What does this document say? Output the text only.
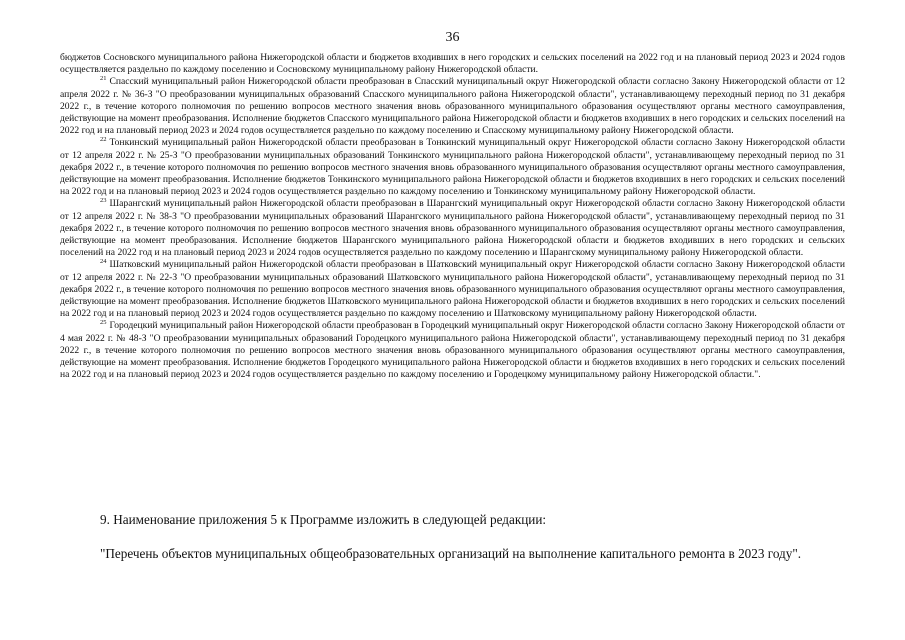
36

бюджетов Сосновского муниципального района Нижегородской области и бюджетов входивших в него городских и сельских поселений на 2022 год и на плановый период 2023 и 2024 годов осуществляется раздельно по каждому поселению и Сосновскому муниципальному району Нижегородской области.

$^{21}$ Спасский муниципальный район Нижегородской области преобразован в Спасский муниципальный округ Нижегородской области согласно Закону Нижегородской области от 12 апреля 2022 г. № 36-З "О преобразовании муниципальных образований Спасского муниципального района Нижегородской области", устанавливающему переходный период по 31 декабря 2022 г., в течение которого полномочия по решению вопросов местного значения вновь образованного муниципального образования осуществляют органы местного самоуправления, действующие на момент преобразования. Исполнение бюджетов Спасского муниципального района Нижегородской области и бюджетов входивших в него городских и сельских поселений на 2022 год и на плановый период 2023 и 2024 годов осуществляется раздельно по каждому поселению и Спасскому муниципальному району Нижегородской области.

$^{22}$ Тонкинский муниципальный район Нижегородской области преобразован в Тонкинский муниципальный округ Нижегородской области согласно Закону Нижегородской области от 12 апреля 2022 г. № 25-З "О преобразовании муниципальных образований Тонкинского муниципального района Нижегородской области", устанавливающему переходный период по 31 декабря 2022 г., в течение которого полномочия по решению вопросов местного значения вновь образованного муниципального образования осуществляют органы местного самоуправления, действующие на момент преобразования. Исполнение бюджетов Тонкинского муниципального района Нижегородской области и бюджетов входивших в него городских и сельских поселений на 2022 год и на плановый период 2023 и 2024 годов осуществляется раздельно по каждому поселению и Тонкинскому муниципальному району Нижегородской области.

$^{23}$ Шарангский муниципальный район Нижегородской области преобразован в Шарангский муниципальный округ Нижегородской области согласно Закону Нижегородской области от 12 апреля 2022 г. № 38-З "О преобразовании муниципальных образований Шарангского муниципального района Нижегородской области", устанавливающему переходный период по 31 декабря 2022 г., в течение которого полномочия по решению вопросов местного значения вновь образованного муниципального образования осуществляют органы местного самоуправления, действующие на момент преобразования. Исполнение бюджетов Шарангского муниципального района Нижегородской области и бюджетов входивших в него городских и сельских поселений на 2022 год и на плановый период 2023 и 2024 годов осуществляется раздельно по каждому поселению и Шарангскому муниципальному району Нижегородской области.

$^{24}$ Шатковский муниципальный район Нижегородской области преобразован в Шатковский муниципальный округ Нижегородской области согласно Закону Нижегородской области от 12 апреля 2022 г. № 22-З "О преобразовании муниципальных образований Шатковского муниципального района Нижегородской области", устанавливающему переходный период по 31 декабря 2022 г., в течение которого полномочия по решению вопросов местного значения вновь образованного муниципального образования осуществляют органы местного самоуправления, действующие на момент преобразования. Исполнение бюджетов Шатковского муниципального района Нижегородской области и бюджетов входивших в него городских и сельских поселений на 2022 год и на плановый период 2023 и 2024 годов осуществляется раздельно по каждому поселению и Шатковскому муниципальному району Нижегородской области.

$^{25}$ Городецкий муниципальный район Нижегородской области преобразован в Городецкий муниципальный округ Нижегородской области согласно Закону Нижегородской области от 4 мая 2022 г. № 48-З "О преобразовании муниципальных образований Городецкого муниципального района Нижегородской области", устанавливающему переходный период по 31 декабря 2022 г., в течение которого полномочия по решению вопросов местного значения вновь образованного муниципального образования осуществляют органы местного самоуправления, действующие на момент преобразования. Исполнение бюджетов Городецкого муниципального района Нижегородской области и бюджетов входивших в него городских и сельских поселений на 2022 год и на плановый период 2023 и 2024 годов осуществляется раздельно по каждому поселению и Городецкому муниципальному району Нижегородской области.".

9. Наименование приложения 5 к Программе изложить в следующей редакции:

"Перечень объектов муниципальных общеобразовательных организаций на выполнение капитального ремонта в 2023 году".
